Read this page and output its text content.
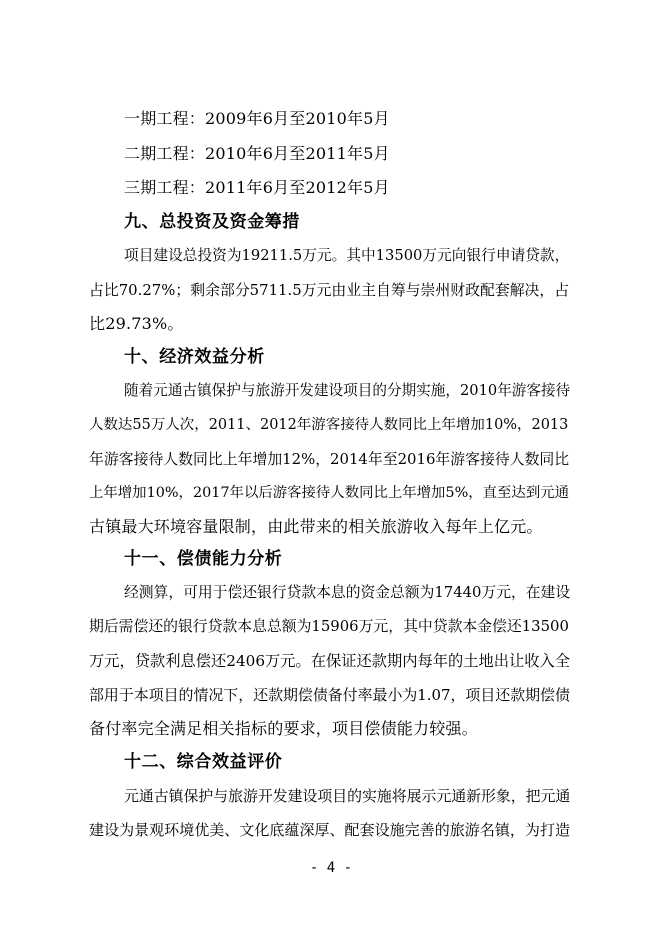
一期工程：2009年6月至2010年5月
二期工程：2010年6月至2011年5月
三期工程：2011年6月至2012年5月
九、总投资及资金筹措
项目建设总投资为19211.5万元。其中13500万元向银行申请贷款，
占比70.27%；剩余部分5711.5万元由业主自筹与崇州财政配套解决，占
比29.73%。
十、经济效益分析
随着元通古镇保护与旅游开发建设项目的分期实施，2010年游客接待
人数达55万人次，2011、2012年游客接待人数同比上年增加10%，2013
年游客接待人数同比上年增加12%，2014年至2016年游客接待人数同比
上年增加10%，2017年以后游客接待人数同比上年增加5%，直至达到元通
古镇最大环境容量限制，由此带来的相关旅游收入每年上亿元。
十一、偿债能力分析
经测算，可用于偿还银行贷款本息的资金总额为17440万元，在建设
期后需偿还的银行贷款本息总额为15906万元，其中贷款本金偿还13500
万元，贷款利息偿还2406万元。在保证还款期内每年的土地出让收入全
部用于本项目的情况下，还款期偿债备付率最小为1.07，项目还款期偿债
备付率完全满足相关指标的要求，项目偿债能力较强。
十二、综合效益评价
元通古镇保护与旅游开发建设项目的实施将展示元通新形象，把元通
建设为景观环境优美、文化底蕴深厚、配套设施完善的旅游名镇，为打造
- 4 -
